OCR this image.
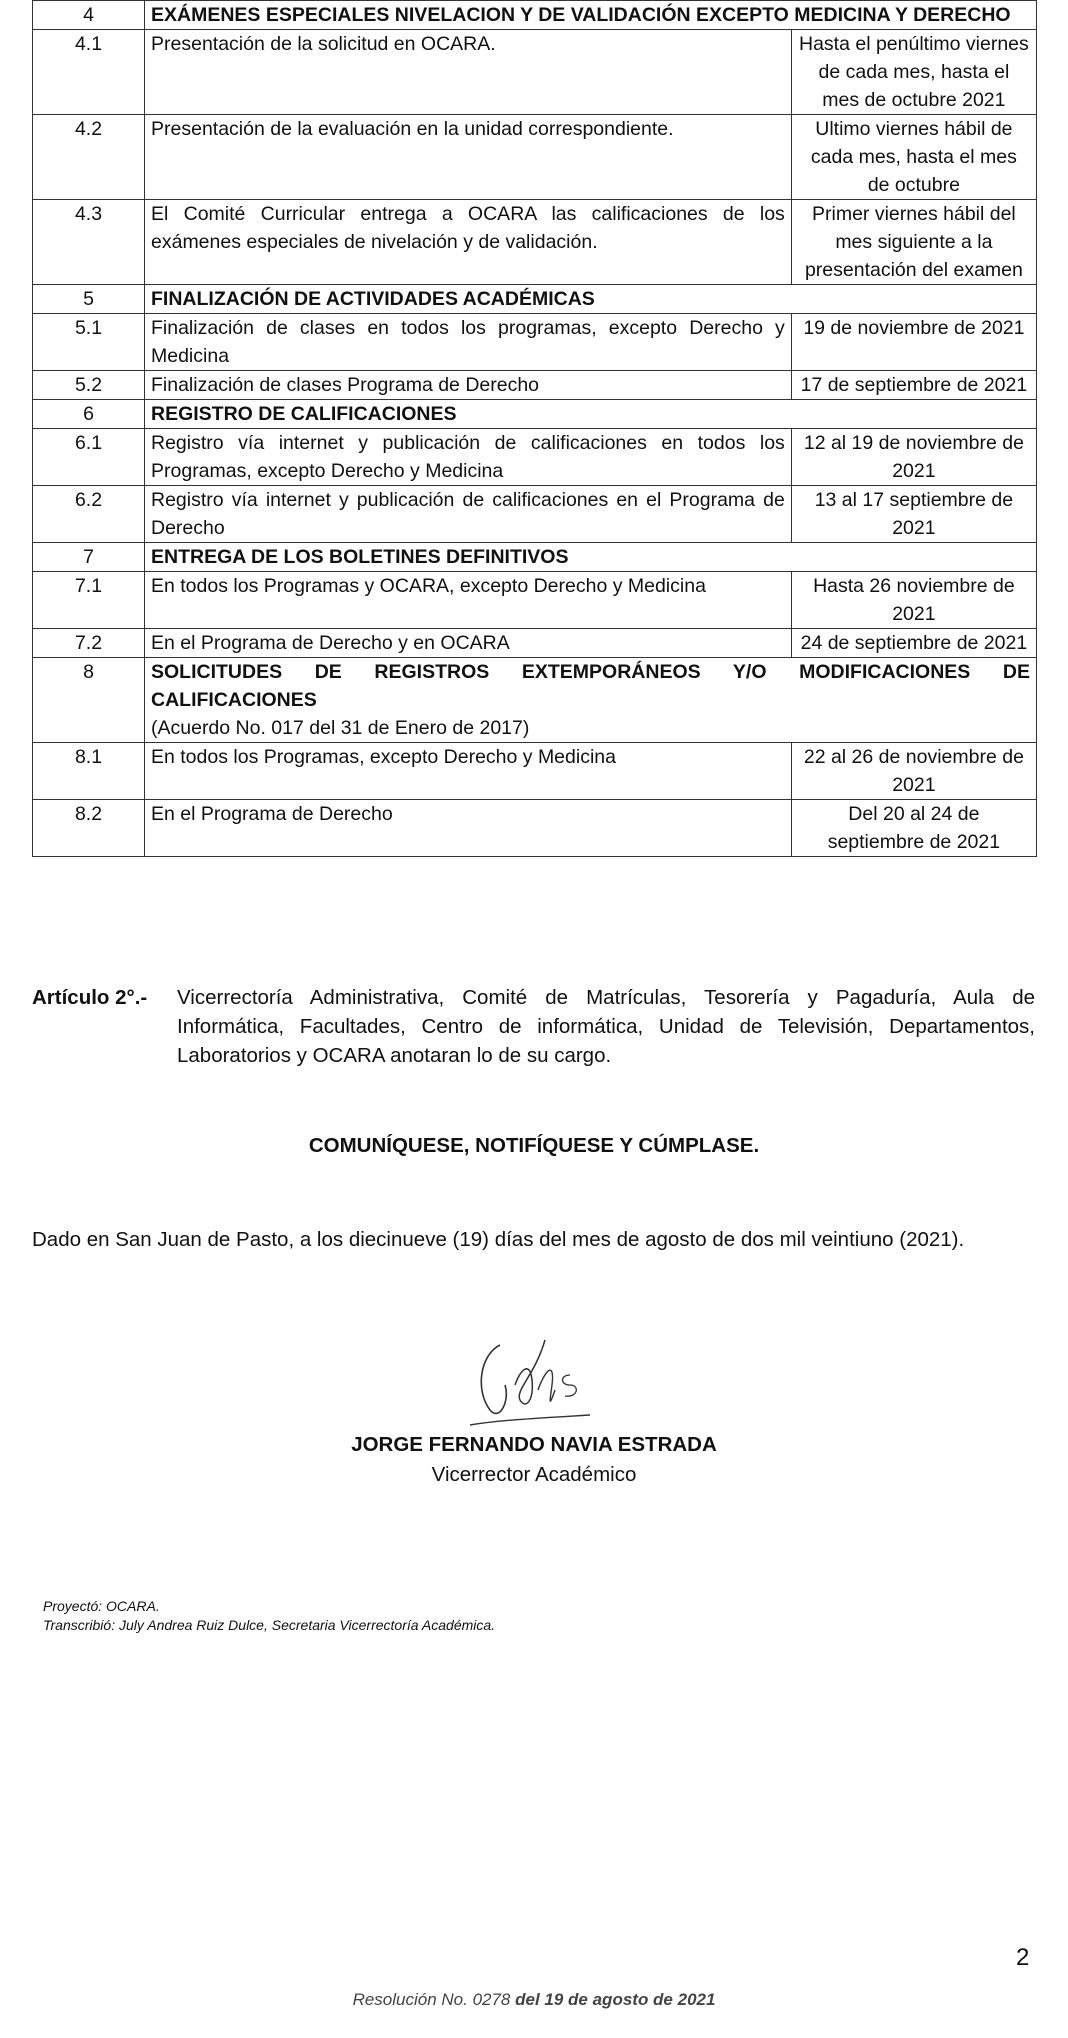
4	EXÁMENES ESPECIALES NIVELACION Y DE VALIDACIÓN EXCEPTO MEDICINA Y DERECHO	
4.1	Presentación de la solicitud en OCARA.	Hasta el penúltimo viernes de cada mes, hasta el mes de octubre 2021
4.2	Presentación de la evaluación en la unidad correspondiente.	Ultimo viernes hábil de cada mes, hasta el mes de octubre
4.3	El Comité Curricular entrega a OCARA las calificaciones de los exámenes especiales de nivelación y de validación.	Primer viernes hábil del mes siguiente a la presentación del examen
5	FINALIZACIÓN DE ACTIVIDADES ACADÉMICAS	
5.1	Finalización de clases en todos los programas, excepto Derecho y Medicina	19 de noviembre de 2021
5.2	Finalización de clases Programa de Derecho	17 de septiembre de 2021
6	REGISTRO DE CALIFICACIONES	
6.1	Registro vía internet y publicación de calificaciones en todos los Programas, excepto Derecho y Medicina	12 al 19 de noviembre de 2021
6.2	Registro vía internet y publicación de calificaciones en el Programa de Derecho	13 al 17 septiembre de 2021
7	ENTREGA DE LOS BOLETINES DEFINITIVOS	
7.1	En todos los Programas y OCARA, excepto Derecho y Medicina	Hasta 26 noviembre de 2021
7.2	En el Programa de Derecho y en OCARA	24 de septiembre de 2021
8	SOLICITUDES DE REGISTROS EXTEMPORÁNEOS Y/O MODIFICACIONES DE CALIFICACIONES
(Acuerdo No. 017 del 31 de Enero de 2017)	

8.1	En todos los Programas, excepto Derecho y Medicina	22 al 26 de noviembre de 2021
8.2	En el Programa de Derecho	Del 20 al 24 de septiembre de 2021
Artículo 2°.- Vicerrectoría Administrativa, Comité de Matrículas, Tesorería y Pagaduría, Aula de Informática, Facultades, Centro de informática, Unidad de Televisión, Departamentos, Laboratorios y OCARA anotaran lo de su cargo.
COMUNÍQUESE, NOTIFÍQUESE Y CÚMPLASE.
Dado en San Juan de Pasto, a los diecinueve (19) días del mes de agosto de dos mil veintiuno (2021).
JORGE FERNANDO NAVIA ESTRADA
Vicerrector Académico
Proyectó: OCARA.
Transcribió: July Andrea Ruiz Dulce, Secretaria Vicerrectoría Académica.
2
Resolución No. 0278 del 19 de agosto de 2021
